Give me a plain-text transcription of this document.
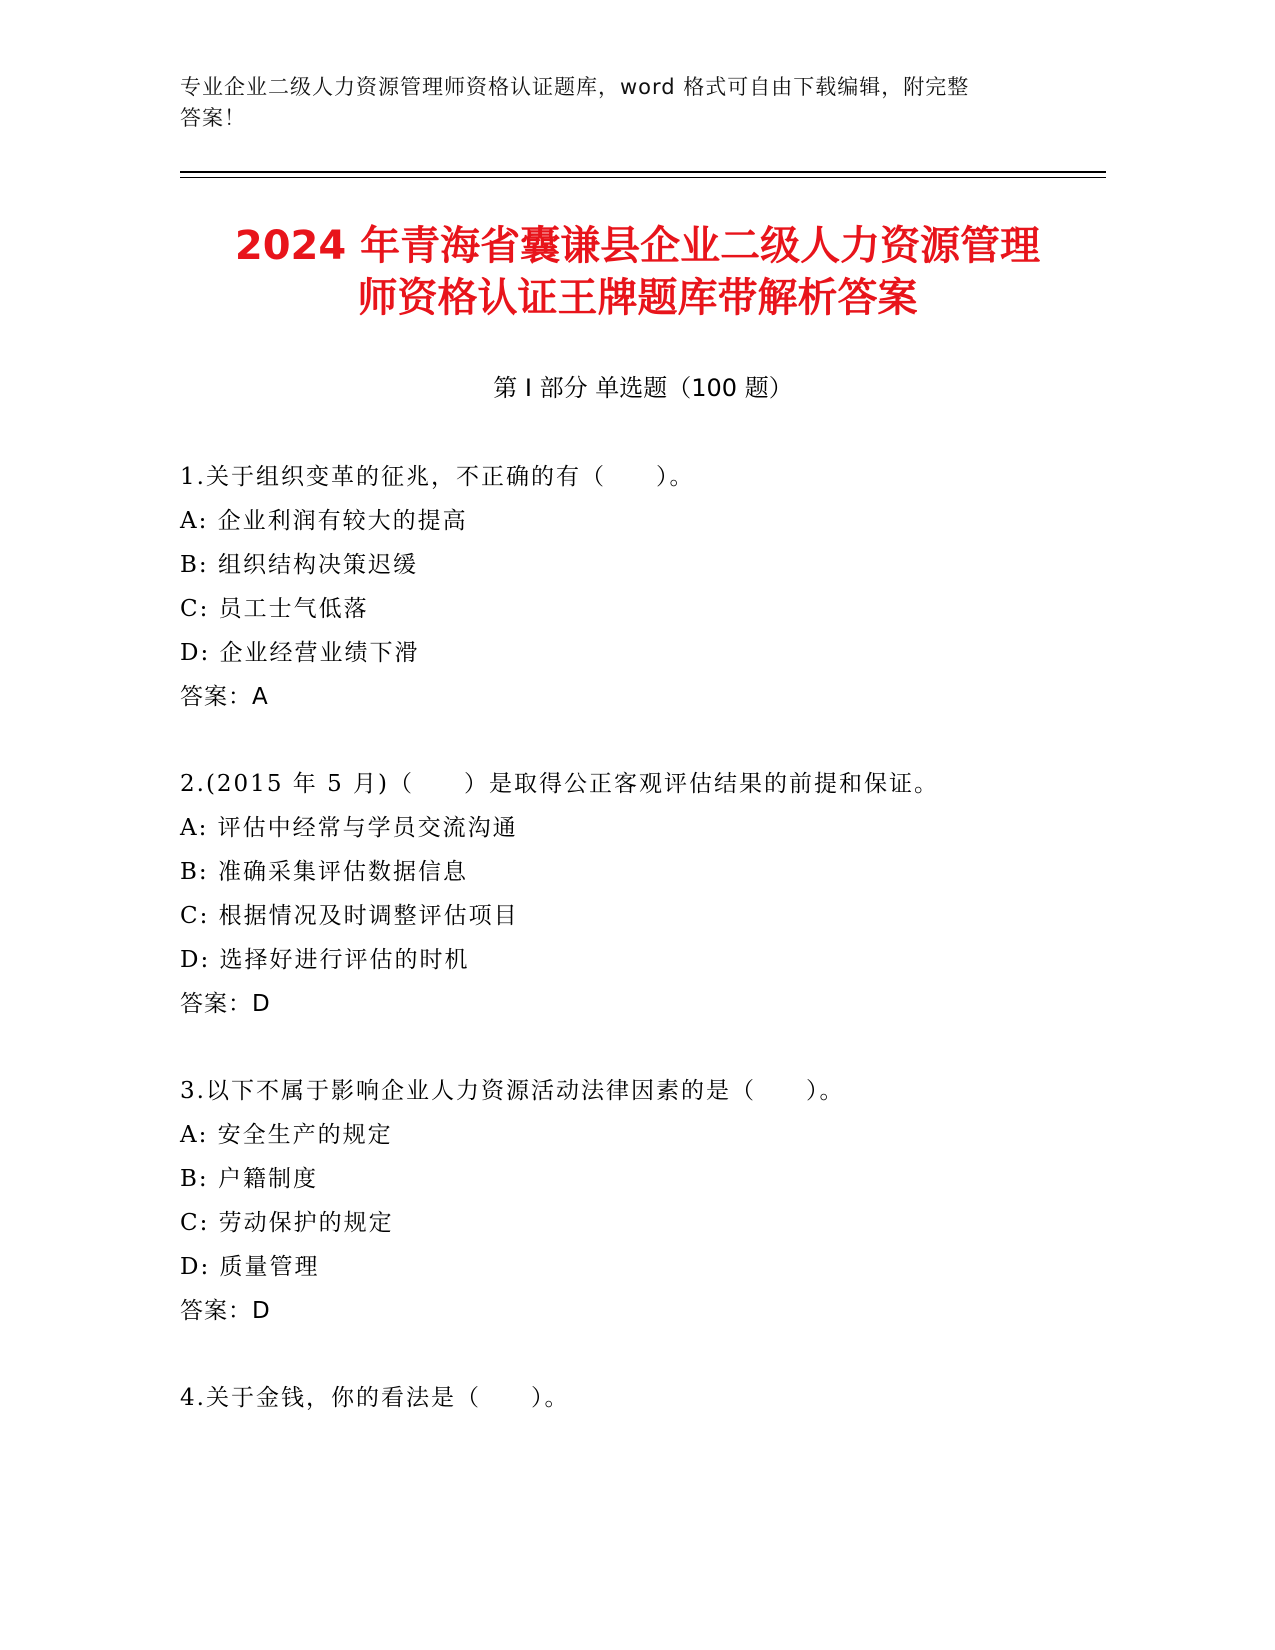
专业企业二级人力资源管理师资格认证题库，word 格式可自由下载编辑，附完整
答案！
2024 年青海省囊谦县企业二级人力资源管理
师资格认证王牌题库带解析答案
第 I 部分 单选题（100 题）
1.关于组织变革的征兆，不正确的有（　　）。
A: 企业利润有较大的提高
B: 组织结构决策迟缓
C: 员工士气低落
D: 企业经营业绩下滑
答案：A
2.(2015 年 5 月)（　　）是取得公正客观评估结果的前提和保证。
A: 评估中经常与学员交流沟通
B: 准确采集评估数据信息
C: 根据情况及时调整评估项目
D: 选择好进行评估的时机
答案：D
3.以下不属于影响企业人力资源活动法律因素的是（　　）。
A: 安全生产的规定
B: 户籍制度
C: 劳动保护的规定
D: 质量管理
答案：D
4.关于金钱，你的看法是（　　）。
